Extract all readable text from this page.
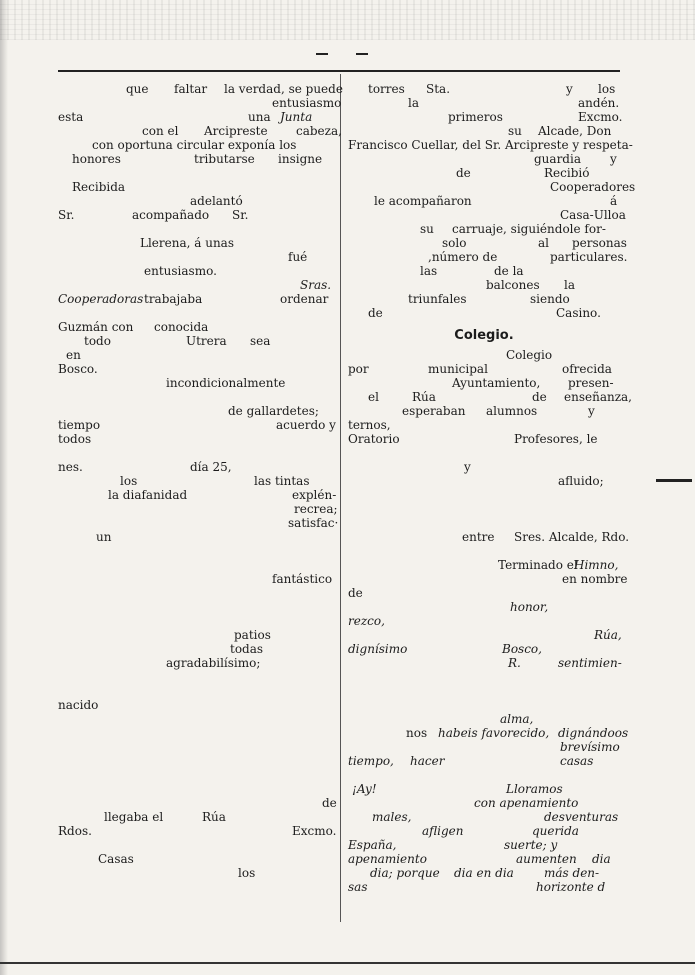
que faltar la verdad, se puede
entusiasmo
esta	una Junta
con el Arcipreste cabeza,
con oportuna circular exponía los
honores	tributarse insigne
Recibida
adelantó
Sr.	acompañado Sr.
Llerena, á unas
fué
entusiasmo.
Sras.
Cooperadoras trabajaba	ordenar
Guzmán con conocida
todo	Utrera sea
en
Bosco.
incondicionalmente
de gallardetes;
tiempo	acuerdo y
todos
nes.	día 25,
los	las tintas
la diafanidad	explén-
recrea;
satisfac·
un
fantástico
patios
todas
agradabilísimo;
nacido
de
llegaba el	Rúa
Rdos.	Excmo.
Casas
los
torres Sta.	y los
la	andén.
primeros	Excmo.
su Alcade, Don
Francisco Cuellar, del Sr. Arcipreste y respeta-
guardia y
de	Recibió
Cooperadores
le acompañaron	á
Casa-Ulloa
su carruaje, siguiéndole for-
solo	al personas
,número de	particulares.
las	de la
balcones la
triunfales	siendo
de	Casino.
Colegio
por	municipal	ofrecida
Ayuntamiento, presen-
el	Rúa	de enseñanza,
esperaban alumnos	y
ternos,
Oratorio	Profesores, le
y
afluido;
entre Sres. Alcalde, Rdo.
Terminado el
Himno,
en nombre
de
honor,
rezco,
Rúa,
dignísimo	Bosco,
R.	sentimien-
alma,
nos habeis favorecido, dignándoos
brevísimo
tiempo, hacer	casas
¡Ay!	Lloramos
con apenamiento
males,	desventuras
afligen	querida
España,	suerte; y
apenamiento	aumenten dia
dia; porque dia en dia	más den-
sas	horizonte d
Colegio.
